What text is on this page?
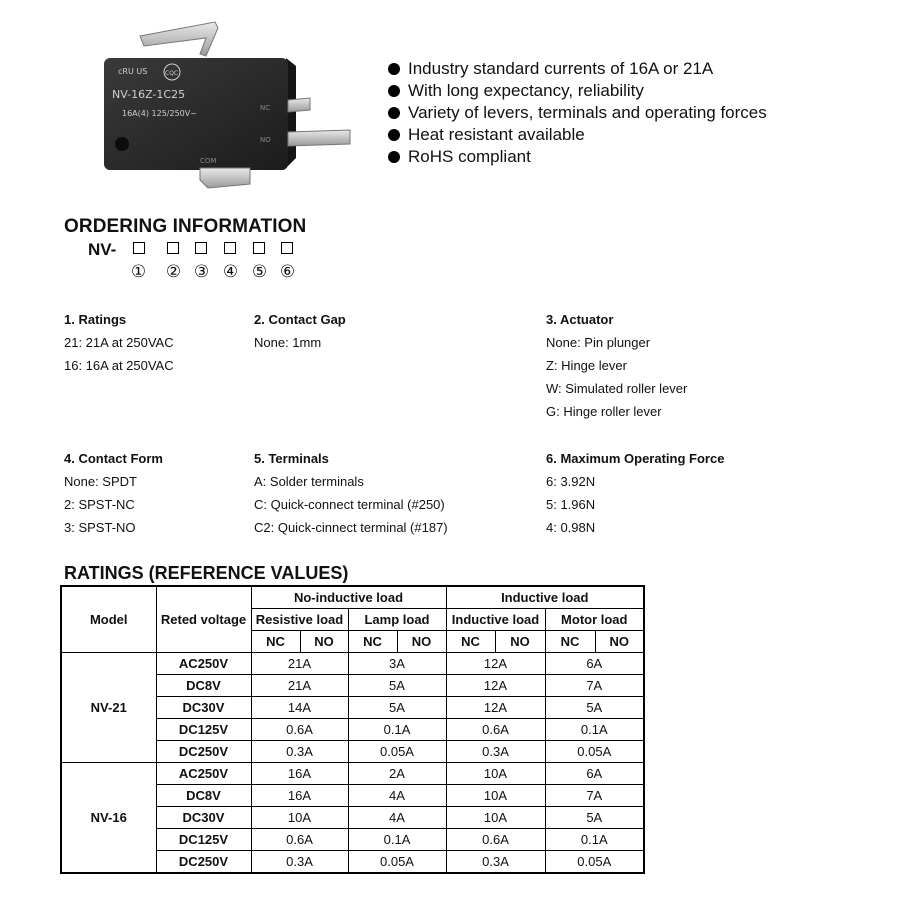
cRU US	CQC
NV-16Z-1C25
16A(4) 125/250V~
NC
NO
COM
Industry standard currents of 16A or 21A
With long expectancy, reliability
Variety of levers, terminals and operating forces
Heat resistant available
RoHS compliant
ORDERING INFORMATION
NV-
① ② ③ ④ ⑤ ⑥
1. Ratings
21: 21A at 250VAC
16: 16A at 250VAC
2. Contact Gap
None: 1mm
3. Actuator
None: Pin plunger
Z: Hinge lever
W: Simulated roller lever
G: Hinge roller lever
4. Contact Form
None: SPDT
2: SPST-NC
3: SPST-NO
5. Terminals
A: Solder terminals
C: Quick-connect terminal (#250)
C2: Quick-cinnect terminal (#187)
6. Maximum Operating Force
6: 3.92N
5: 1.96N
4: 0.98N
RATINGS (REFERENCE VALUES)
Model	Reted voltage	No-inductive load				Inductive load			
		Resistive load		Lamp load		Inductive load		Motor load	
		NC	NO	NC	NO	NC	NO	NC	NO
NV-21	AC250V	21A		3A		12A		6A	
	DC8V	21A		5A		12A		7A	
	DC30V	14A		5A		12A		5A	
	DC125V	0.6A		0.1A		0.6A		0.1A	
	DC250V	0.3A		0.05A		0.3A		0.05A	
NV-16	AC250V	16A		2A		10A		6A	
	DC8V	16A		4A		10A		7A	
	DC30V	10A		4A		10A		5A	
	DC125V	0.6A		0.1A		0.6A		0.1A	
	DC250V	0.3A		0.05A		0.3A		0.05A	
